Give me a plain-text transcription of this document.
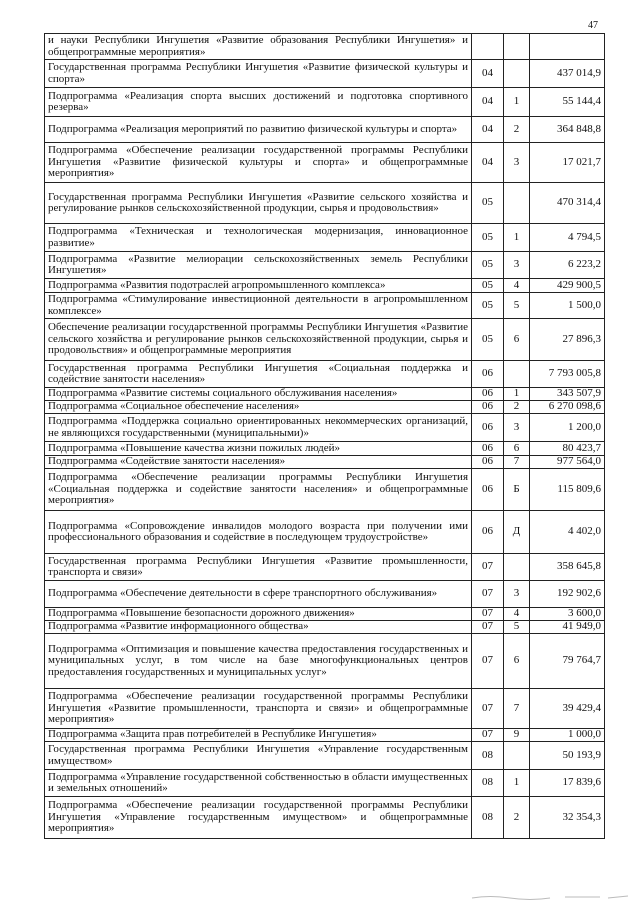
47
и науки Республики Ингушетия «Развитие образования Республики Ингушетия» и общепрограммные мероприятия»			
Государственная программа Республики Ингушетия «Развитие физической культуры и спорта»	04		437 014,9
Подпрограмма «Реализация спорта высших достижений и подготовка спортивного резерва»	04	1	55 144,4
Подпрограмма «Реализация мероприятий по развитию физической культуры и спорта»	04	2	364 848,8
Подпрограмма «Обеспечение реализации государственной программы Республики Ингушетия «Развитие физической культуры и спорта» и общепрограммные мероприятия»	04	3	17 021,7
Государственная программа Республики Ингушетия «Развитие сельского хозяйства и регулирование рынков сельскохозяйственной продукции, сырья и продовольствия»	05		470 314,4
Подпрограмма «Техническая и технологическая модернизация, инновационное развитие»	05	1	4 794,5
Подпрограмма «Развитие мелиорации сельскохозяйственных земель Республики Ингушетия»	05	3	6 223,2
Подпрограмма «Развития подотраслей агропромышленного комплекса»	05	4	429 900,5
Подпрограмма «Стимулирование инвестиционной деятельности в агропромышленном комплексе»	05	5	1 500,0
Обеспечение реализации государственной программы Республики Ингушетия «Развитие сельского хозяйства и регулирование рынков сельскохозяйственной продукции, сырья и продовольствия» и общепрограммные мероприятия	05	6	27 896,3
Государственная программа Республики Ингушетия «Социальная поддержка и содействие занятости населения»	06		7 793 005,8
Подпрограмма «Развитие системы социального обслуживания населения»	06	1	343 507,9
Подпрограмма «Социальное обеспечение населения»	06	2	6 270 098,6
Подпрограмма «Поддержка социально ориентированных некоммерческих организаций, не являющихся государственными (муниципальными)»	06	3	1 200,0
Подпрограмма «Повышение качества жизни пожилых людей»	06	6	80 423,7
Подпрограмма «Содействие занятости населения»	06	7	977 564,0
Подпрограмма «Обеспечение реализации программы Республики Ингушетия «Социальная поддержка и содействие занятости населения» и общепрограммные мероприятия»	06	Б	115 809,6
Подпрограмма «Сопровождение инвалидов молодого возраста при получении ими профессионального образования и содействие в последующем трудоустройстве»	06	Д	4 402,0
Государственная программа Республики Ингушетия «Развитие промышленности, транспорта и связи»	07		358 645,8
Подпрограмма «Обеспечение деятельности в сфере транспортного обслуживания»	07	3	192 902,6
Подпрограмма «Повышение безопасности дорожного движения»	07	4	3 600,0
Подпрограмма «Развитие информационного общества»	07	5	41 949,0
Подпрограмма «Оптимизация и повышение качества предоставления государственных и муниципальных услуг, в том числе на базе многофункциональных центров предоставления государственных и муниципальных услуг»	07	6	79 764,7
Подпрограмма «Обеспечение реализации государственной программы Республики Ингушетия «Развитие промышленности, транспорта и связи» и общепрограммные мероприятия»	07	7	39 429,4
Подпрограмма «Защита прав потребителей в Республике Ингушетия»	07	9	1 000,0
Государственная программа Республики Ингушетия «Управление государственным имуществом»	08		50 193,9
Подпрограмма «Управление государственной собственностью в области имущественных и земельных отношений»	08	1	17 839,6
Подпрограмма «Обеспечение реализации государственной программы Республики Ингушетия «Управление государственным имуществом» и общепрограммные мероприятия»	08	2	32 354,3
